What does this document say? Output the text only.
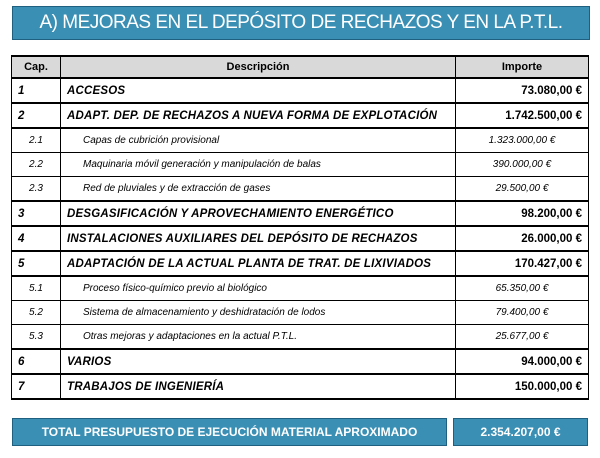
A) MEJORAS EN EL DEPÓSITO DE RECHAZOS Y EN LA P.T.L.
Cap.	Descripción	Importe
1	ACCESOS	73.080,00 €
2	ADAPT. DEP. DE RECHAZOS A NUEVA FORMA DE EXPLOTACIÓN	1.742.500,00 €
2.1	Capas de cubrición provisional	1.323.000,00 €
2.2	Maquinaria móvil generación y manipulación de balas	390.000,00 €
2.3	Red de pluviales y de extracción de gases	29.500,00 €
3	DESGASIFICACIÓN Y APROVECHAMIENTO ENERGÉTICO	98.200,00 €
4	INSTALACIONES AUXILIARES DEL DEPÓSITO DE RECHAZOS	26.000,00 €
5	ADAPTACIÓN DE LA ACTUAL PLANTA DE TRAT. DE LIXIVIADOS	170.427,00 €
5.1	Proceso físico-químico previo al biológico	65.350,00 €
5.2	Sistema de almacenamiento y deshidratación de lodos	79.400,00 €
5.3	Otras mejoras y adaptaciones en la actual P.T.L.	25.677,00 €
6	VARIOS	94.000,00 €
7	TRABAJOS DE INGENIERÍA	150.000,00 €
TOTAL PRESUPUESTO DE EJECUCIÓN MATERIAL APROXIMADO	2.354.207,00 €
